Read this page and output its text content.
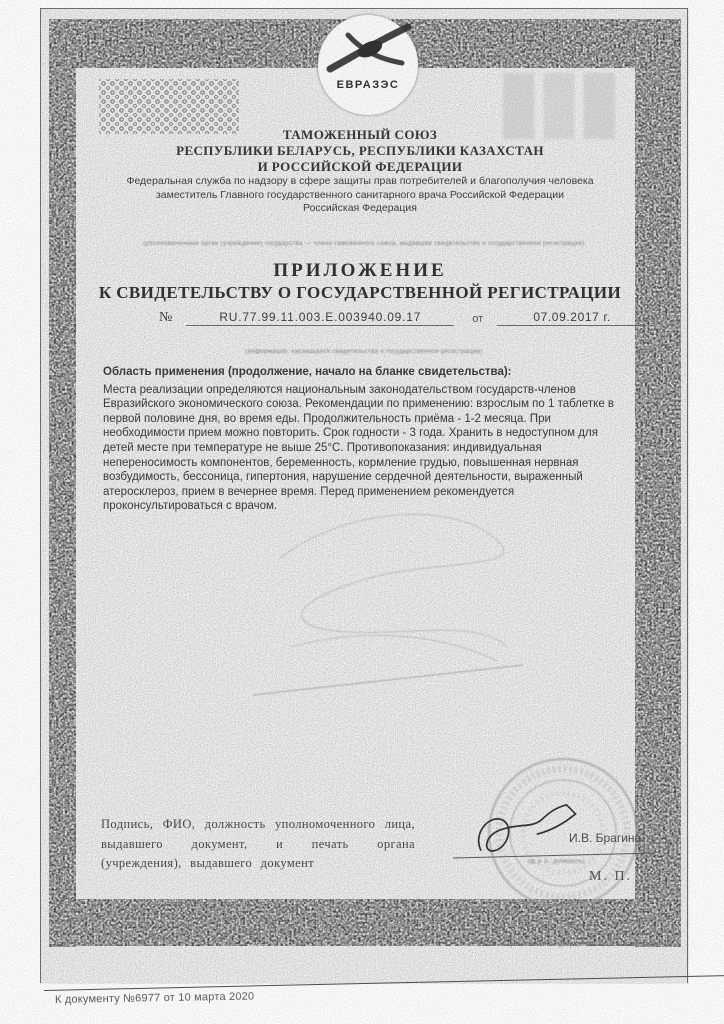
ЕВРАЗЭС
ТАМОЖЕННЫЙ СОЮЗ
РЕСПУБЛИКИ БЕЛАРУСЬ, РЕСПУБЛИКИ КАЗАХСТАН
И РОССИЙСКОЙ ФЕДЕРАЦИИ
Федеральная служба по надзору в сфере защиты прав потребителей и благополучия человека
заместитель Главного государственного санитарного врача Российской Федерации
Российская Федерация
(уполномоченный орган (учреждение) государства — члена таможенного союза, выдавший свидетельство о государственной регистрации)
ПРИЛОЖЕНИЕ
К СВИДЕТЕЛЬСТВУ О ГОСУДАРСТВЕННОЙ РЕГИСТРАЦИИ
№	RU.77.99.11.003.E.003940.09.17	от	07.09.2017 г.
(информация, касающаяся свидетельства о государственной регистрации)
Область применения (продолжение, начало на бланке свидетельства):
Места реализации определяются национальным законодательством государств-членов Евразийского экономического союза. Рекомендации по применению: взрослым по 1 таблетке в первой половине дня, во время еды. Продолжительность приёма - 1-2 месяца. При необходимости прием можно повторить. Срок годности - 3 года. Хранить в недоступном для детей месте при температуре не выше 25°С. Противопоказания: индивидуальная непереносимость компонентов, беременность, кормление грудью, повышенная нервная возбудимость, бессоница, гипертония, нарушение сердечной деятельности, выраженный атеросклероз, прием в вечернее время. Перед применением рекомендуется проконсультироваться с врачом.
Подпись, ФИО, должность уполномоченного лица, выдавшего документ, и печать органа (учреждения), выдавшего документ	(ф. и. о., должность)
И.В. Брагина
М. П.
«ООО «Первый печатный двор», г. Москва, 2015, «уровень «В»
К документу №6977 от 10 марта 2020
